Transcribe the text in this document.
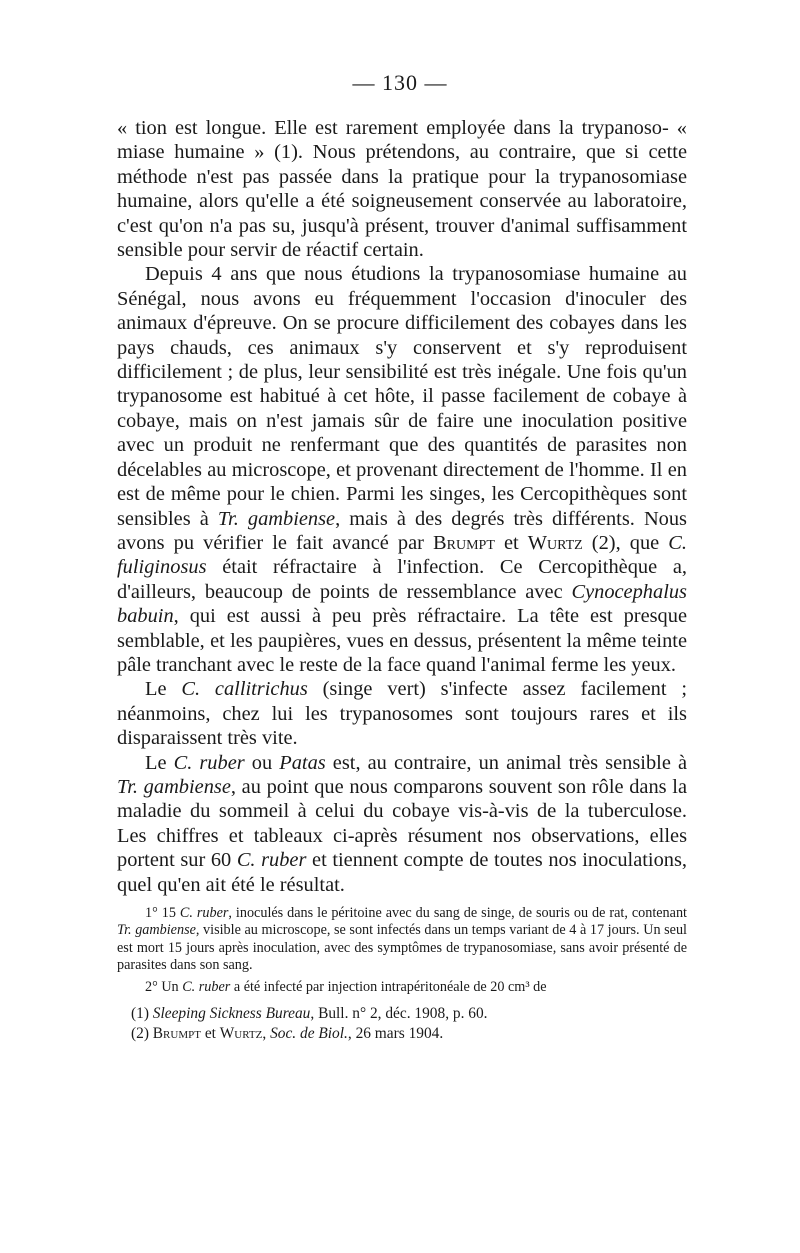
— 130 —

« tion est longue. Elle est rarement employée dans la trypanoso- « miase humaine » (1). Nous prétendons, au contraire, que si cette méthode n'est pas passée dans la pratique pour la trypanosomiase humaine, alors qu'elle a été soigneusement conservée au laboratoire, c'est qu'on n'a pas su, jusqu'à présent, trouver d'animal suffisamment sensible pour servir de réactif certain.

Depuis 4 ans que nous étudions la trypanosomiase humaine au Sénégal, nous avons eu fréquemment l'occasion d'inoculer des animaux d'épreuve. On se procure difficilement des cobayes dans les pays chauds, ces animaux s'y conservent et s'y reproduisent difficilement ; de plus, leur sensibilité est très inégale. Une fois qu'un trypanosome est habitué à cet hôte, il passe facilement de cobaye à cobaye, mais on n'est jamais sûr de faire une inoculation positive avec un produit ne renfermant que des quantités de parasites non décelables au microscope, et provenant directement de l'homme. Il en est de même pour le chien. Parmi les singes, les Cercopithèques sont sensibles à Tr. gambiense, mais à des degrés très différents. Nous avons pu vérifier le fait avancé par Brumpt et Wurtz (2), que C. fuliginosus était réfractaire à l'infection. Ce Cercopithèque a, d'ailleurs, beaucoup de points de ressemblance avec Cynocephalus babuin, qui est aussi à peu près réfractaire. La tête est presque semblable, et les paupières, vues en dessus, présentent la même teinte pâle tranchant avec le reste de la face quand l'animal ferme les yeux.

Le C. callitrichus (singe vert) s'infecte assez facilement ; néanmoins, chez lui les trypanosomes sont toujours rares et ils disparaissent très vite.

Le C. ruber ou Patas est, au contraire, un animal très sensible à Tr. gambiense, au point que nous comparons souvent son rôle dans la maladie du sommeil à celui du cobaye vis-à-vis de la tuberculose. Les chiffres et tableaux ci-après résument nos observations, elles portent sur 60 C. ruber et tiennent compte de toutes nos inoculations, quel qu'en ait été le résultat.

1° 15 C. ruber, inoculés dans le péritoine avec du sang de singe, de souris ou de rat, contenant Tr. gambiense, visible au microscope, se sont infectés dans un temps variant de 4 à 17 jours. Un seul est mort 15 jours après inoculation, avec des symptômes de trypanosomiase, sans avoir présenté de parasites dans son sang.

2° Un C. ruber a été infecté par injection intrapéritonéale de 20 cm³ de

(1) Sleeping Sickness Bureau, Bull. n° 2, déc. 1908, p. 60.

(2) Brumpt et Wurtz, Soc. de Biol., 26 mars 1904.
